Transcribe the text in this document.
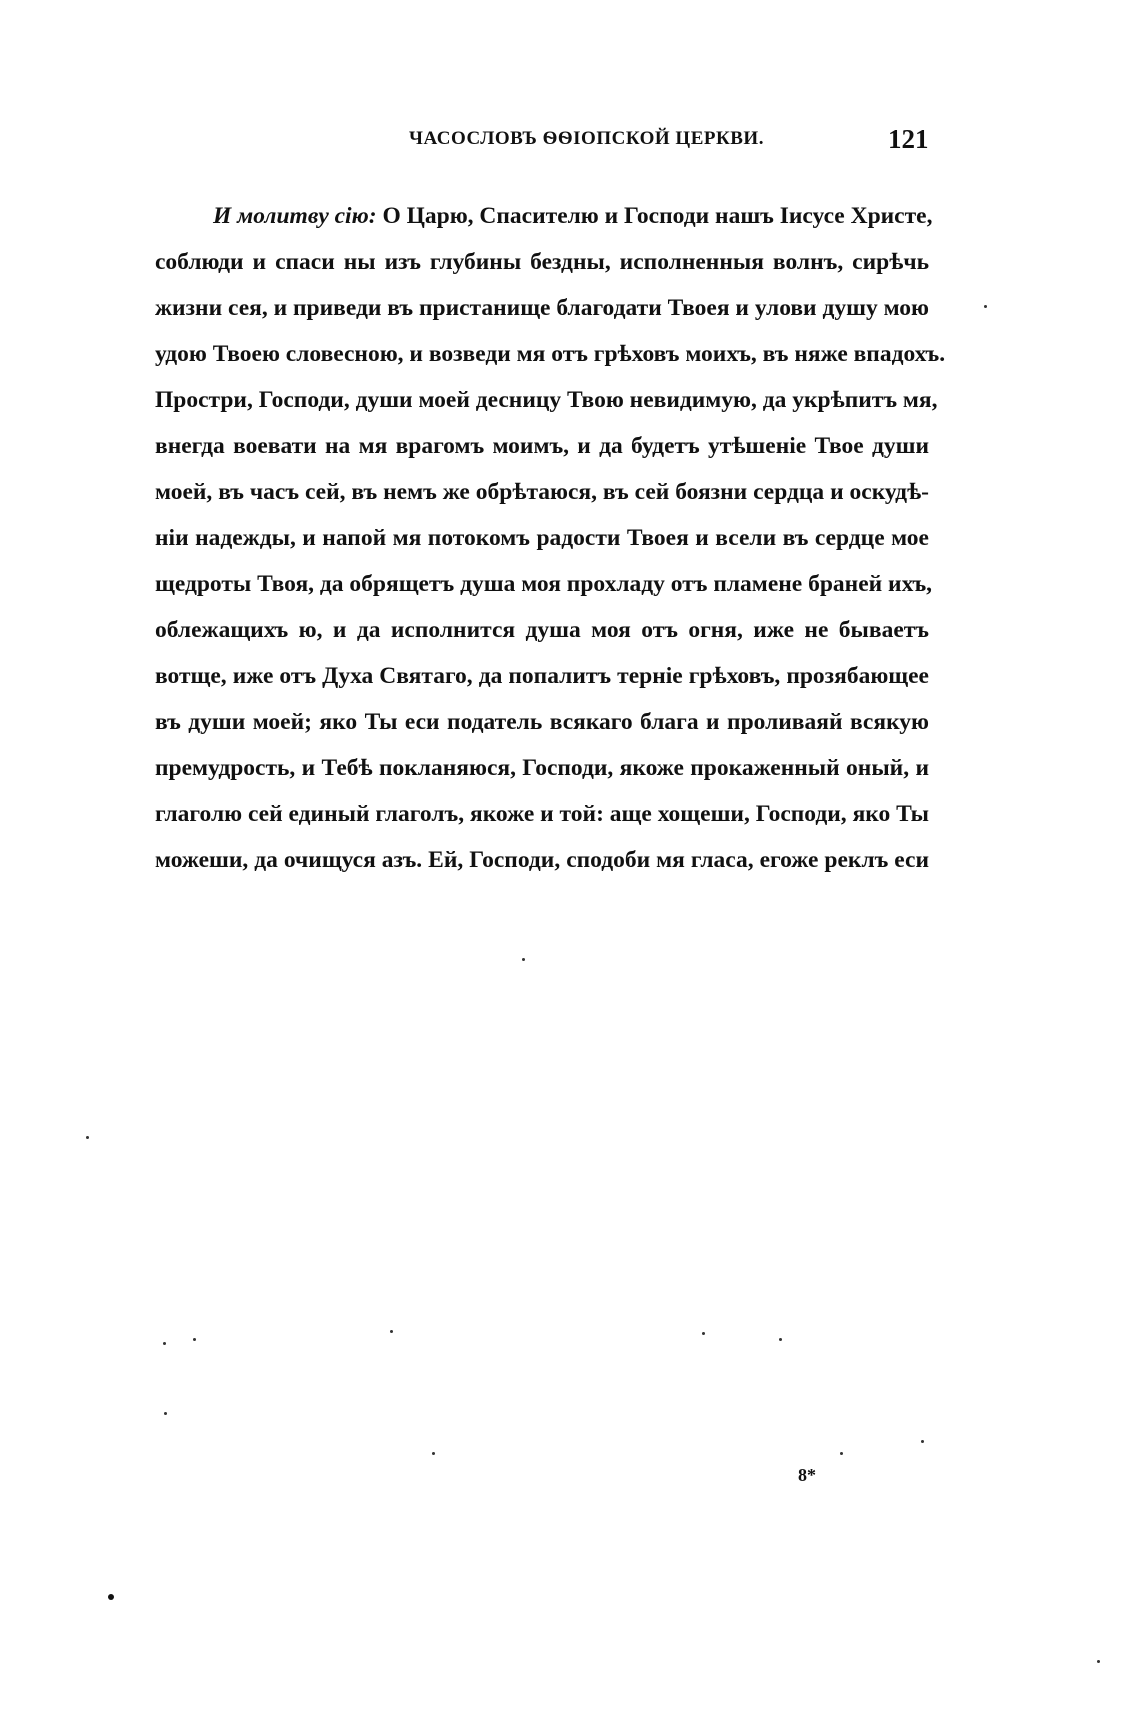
ЧАСОСЛОВЪ ѲѲІОПСКОЙ ЦЕРКВИ.	121
И молитву сію: О Царю, Спасителю и Господи нашъ Іисусе Христе,
соблюди и спаси ны изъ глубины бездны, исполненныя волнъ, сирѣчь
жизни сея, и приведи въ пристанище благодати Твоея и улови душу мою
удою Твоею словесною, и возведи мя отъ грѣховъ моихъ, въ няже впадохъ.
Простри, Господи, души моей десницу Твою невидимую, да укрѣпитъ мя,
внегда воевати на мя врагомъ моимъ, и да будетъ утѣшеніе Твое души
моей, въ часъ сей, въ немъ же обрѣтаюся, въ сей боязни сердца и оскудѣ-
ніи надежды, и напой мя потокомъ радости Твоея и всели въ сердце мое
щедроты Твоя, да обрящетъ душа моя прохладу отъ пламене браней ихъ,
облежащихъ ю, и да исполнится душа моя отъ огня, иже не бываетъ
вотще, иже отъ Духа Святаго, да попалитъ терніе грѣховъ, прозябающее
въ души моей; яко Ты еси податель всякаго блага и проливаяй всякую
премудрость, и Тебѣ покланяюся, Господи, якоже прокаженный оный, и
глаголю сей единый глаголъ, якоже и той: аще хощеши, Господи, яко Ты
можеши, да очищуся азъ. Ей, Господи, сподоби мя гласа, егоже реклъ еси
8*
